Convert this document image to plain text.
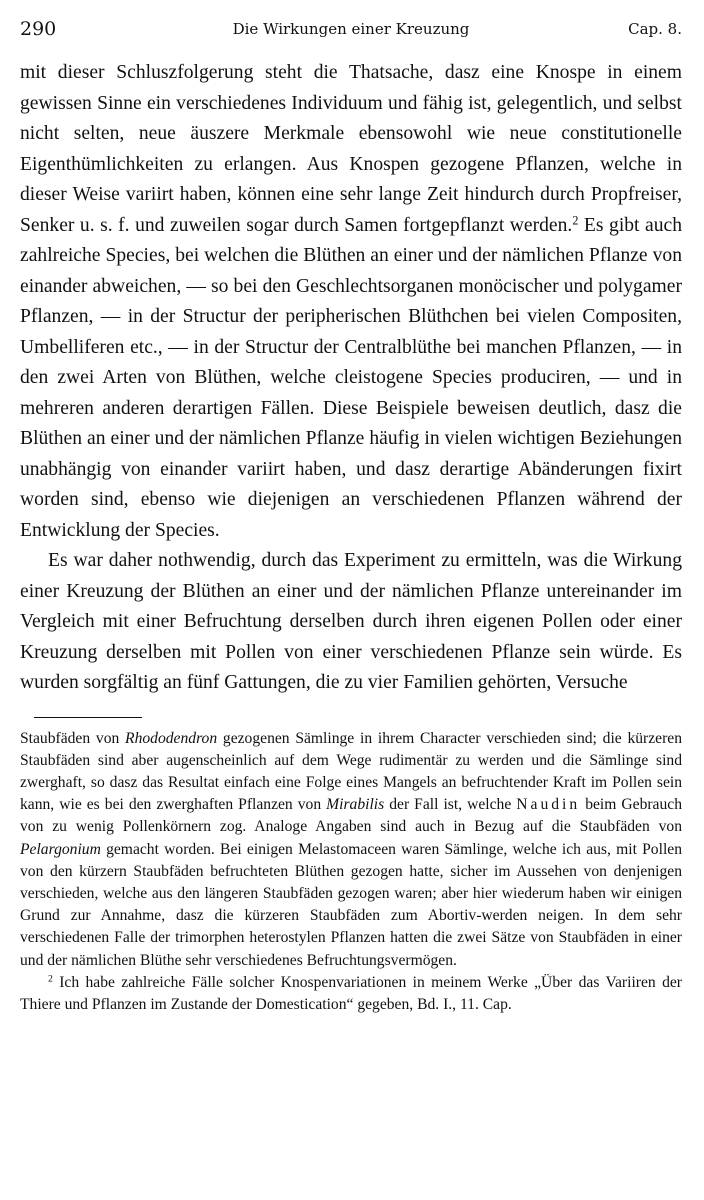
290	Die Wirkungen einer Kreuzung	Cap. 8.

mit dieser Schluszfolgerung steht die Thatsache, dasz eine Knospe in einem gewissen Sinne ein verschiedenes Individuum und fähig ist, gelegentlich, und selbst nicht selten, neue äuszere Merkmale ebensowohl wie neue constitutionelle Eigenthümlichkeiten zu erlangen. Aus Knospen gezogene Pflanzen, welche in dieser Weise variirt haben, können eine sehr lange Zeit hindurch durch Propfreiser, Senker u. s. f. und zuweilen sogar durch Samen fortgepflanzt werden.$^2$ Es gibt auch zahlreiche Species, bei welchen die Blüthen an einer und der nämlichen Pflanze von einander abweichen, — so bei den Geschlechtsorganen monöcischer und polygamer Pflanzen, — in der Structur der peripherischen Blüthchen bei vielen Compositen, Umbelliferen etc., — in der Structur der Centralblüthe bei manchen Pflanzen, — in den zwei Arten von Blüthen, welche cleistogene Species produciren, — und in mehreren anderen derartigen Fällen. Diese Beispiele beweisen deutlich, dasz die Blüthen an einer und der nämlichen Pflanze häufig in vielen wichtigen Beziehungen unabhängig von einander variirt haben, und dasz derartige Abänderungen fixirt worden sind, ebenso wie diejenigen an verschiedenen Pflanzen während der Entwicklung der Species.

Es war daher nothwendig, durch das Experiment zu ermitteln, was die Wirkung einer Kreuzung der Blüthen an einer und der nämlichen Pflanze untereinander im Vergleich mit einer Befruchtung derselben durch ihren eigenen Pollen oder einer Kreuzung derselben mit Pollen von einer verschiedenen Pflanze sein würde. Es wurden sorgfältig an fünf Gattungen, die zu vier Familien gehörten, Versuche

Staubfäden von Rhododendron gezogenen Sämlinge in ihrem Character verschieden sind; die kürzeren Staubfäden sind aber augenscheinlich auf dem Wege rudimentär zu werden und die Sämlinge sind zwerghaft, so dasz das Resultat einfach eine Folge eines Mangels an befruchtender Kraft im Pollen sein kann, wie es bei den zwerghaften Pflanzen von Mirabilis der Fall ist, welche Naudin beim Gebrauch von zu wenig Pollenkörnern zog. Analoge Angaben sind auch in Bezug auf die Staubfäden von Pelargonium gemacht worden. Bei einigen Melastomaceen waren Sämlinge, welche ich aus, mit Pollen von den kürzern Staubfäden befruchteten Blüthen gezogen hatte, sicher im Aussehen von denjenigen verschieden, welche aus den längeren Staubfäden gezogen waren; aber hier wiederum haben wir einigen Grund zur Annahme, dasz die kürzeren Staubfäden zum Abortiv-werden neigen. In dem sehr verschiedenen Falle der trimorphen heterostylen Pflanzen hatten die zwei Sätze von Staubfäden in einer und der nämlichen Blüthe sehr verschiedenes Befruchtungsvermögen.

$^2$ Ich habe zahlreiche Fälle solcher Knospenvariationen in meinem Werke „Über das Variiren der Thiere und Pflanzen im Zustande der Domestication“ gegeben, Bd. I., 11. Cap.
